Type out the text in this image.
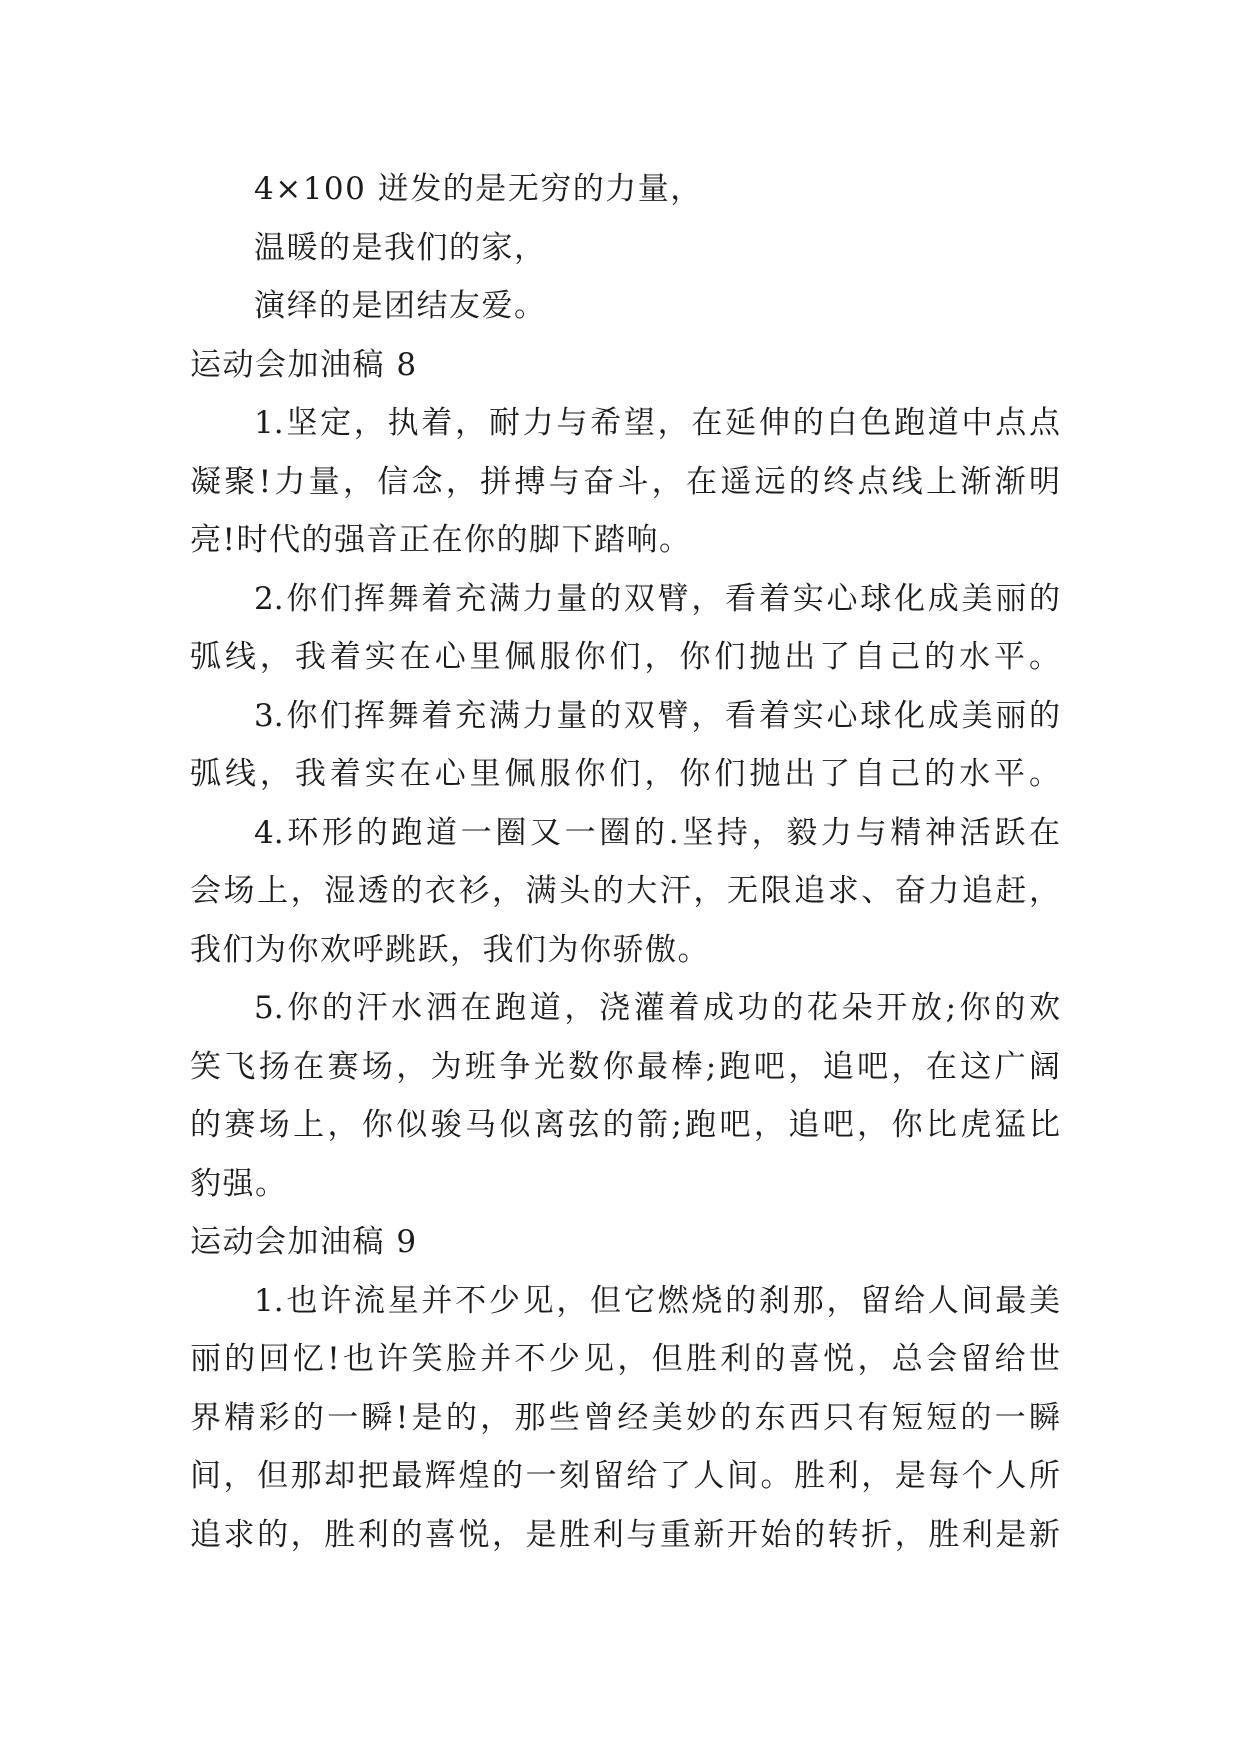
4×100 迸发的是无穷的力量，
温暖的是我们的家，
演绎的是团结友爱。
运动会加油稿 8
1.坚定，执着，耐力与希望，在延伸的白色跑道中点点
凝聚!力量，信念，拼搏与奋斗，在遥远的终点线上渐渐明
亮!时代的强音正在你的脚下踏响。
2.你们挥舞着充满力量的双臂，看着实心球化成美丽的
弧线，我着实在心里佩服你们，你们抛出了自己的水平。
3.你们挥舞着充满力量的双臂，看着实心球化成美丽的
弧线，我着实在心里佩服你们，你们抛出了自己的水平。
4.环形的跑道一圈又一圈的.坚持，毅力与精神活跃在
会场上，湿透的衣衫，满头的大汗，无限追求、奋力追赶，
我们为你欢呼跳跃，我们为你骄傲。
5.你的汗水洒在跑道，浇灌着成功的花朵开放;你的欢
笑飞扬在赛场，为班争光数你最棒;跑吧，追吧，在这广阔
的赛场上，你似骏马似离弦的箭;跑吧，追吧，你比虎猛比
豹强。
运动会加油稿 9
1.也许流星并不少见，但它燃烧的刹那，留给人间最美
丽的回忆!也许笑脸并不少见，但胜利的喜悦，总会留给世
界精彩的一瞬!是的，那些曾经美妙的东西只有短短的一瞬
间，但那却把最辉煌的一刻留给了人间。胜利，是每个人所
追求的，胜利的喜悦，是胜利与重新开始的转折，胜利是新
